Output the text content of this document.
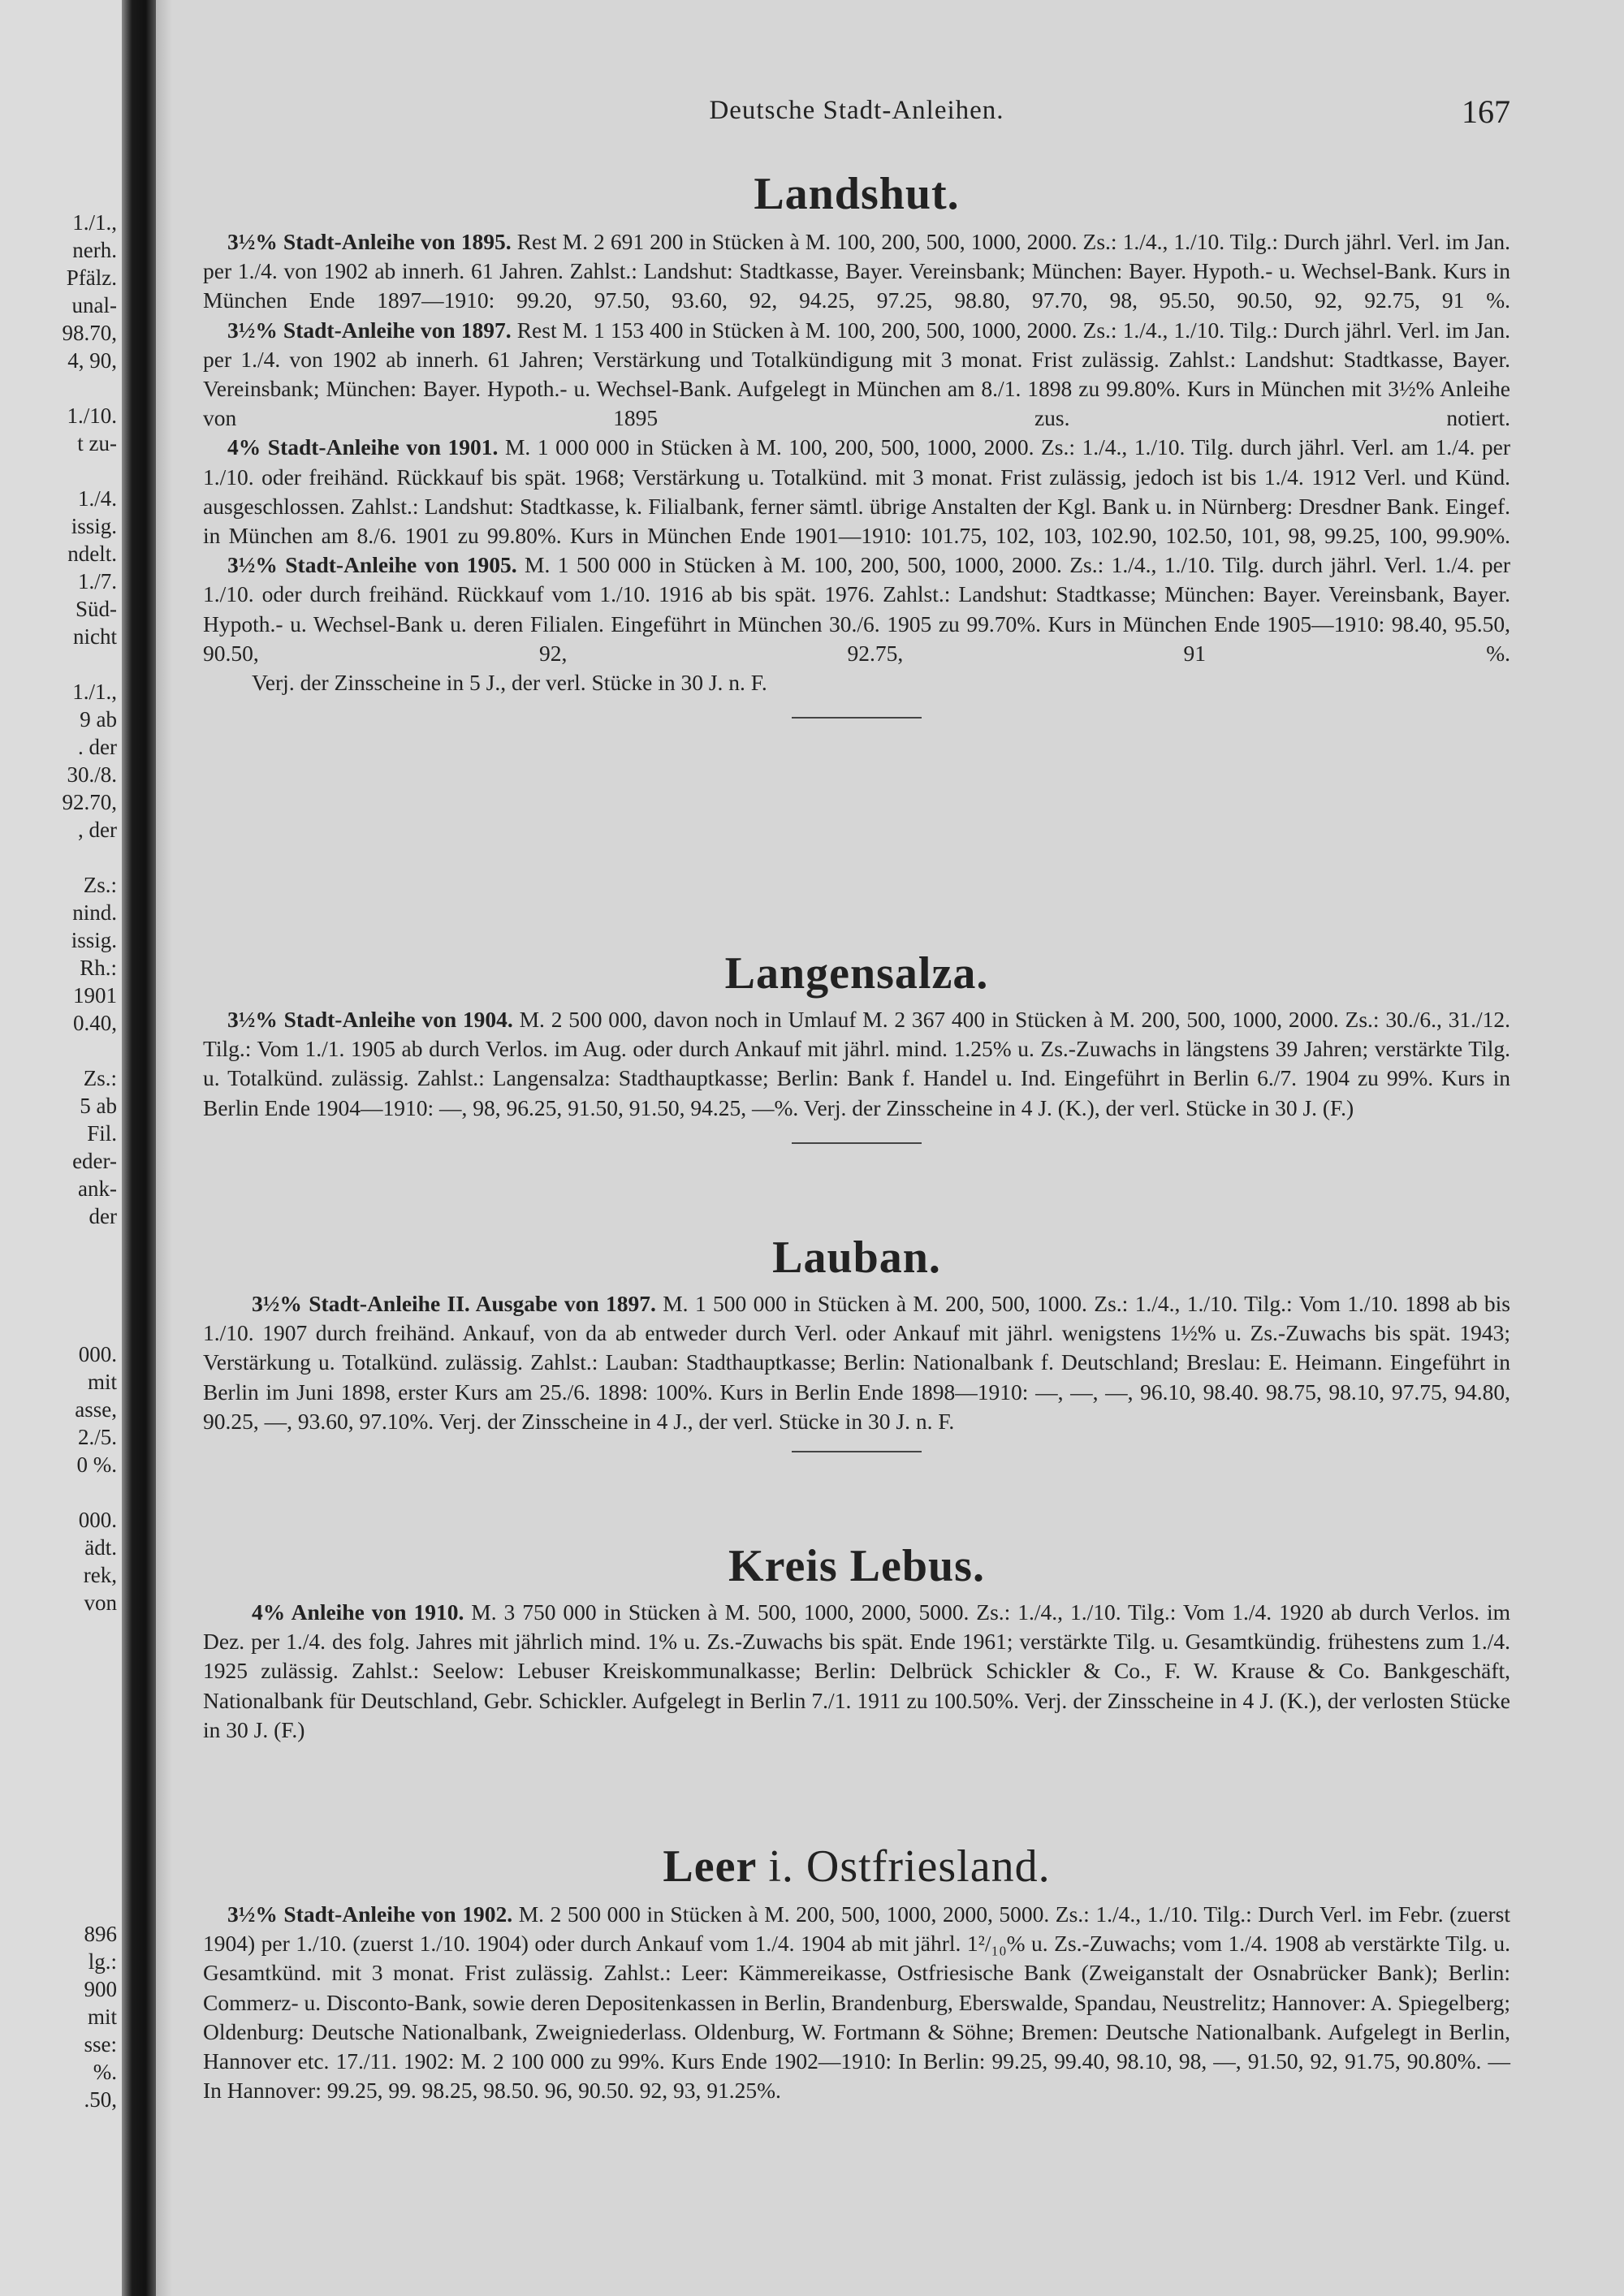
1./1.,

nerh.

Pfälz.

unal-

98.70,

4, 90,

1./10.

t zu-

1./4.

issig.

ndelt.

1./7.

Süd-

nicht

1./1.,

9 ab

. der

30./8.

92.70,

, der

Zs.:

nind.

issig.

Rh.:

1901

0.40,

Zs.:

5 ab

Fil.

eder-

ank-

der

000.

mit

asse,

2./5.

0 %.

000.

ädt.

rek,

von

896

lg.:

900

mit

sse:

%.

.50,

Deutsche Stadt-Anleihen.	167
Landshut.

3½% Stadt-Anleihe von 1895. Rest M. 2 691 200 in Stücken à M. 100, 200, 500, 1000, 2000. Zs.: 1./4., 1./10. Tilg.: Durch jährl. Verl. im Jan. per 1./4. von 1902 ab innerh. 61 Jahren. Zahlst.: Landshut: Stadtkasse, Bayer. Vereinsbank; München: Bayer. Hypoth.- u. Wechsel-Bank. Kurs in München Ende 1897—1910: 99.20, 97.50, 93.60, 92, 94.25, 97.25, 98.80, 97.70, 98, 95.50, 90.50, 92, 92.75, 91 %.

3½% Stadt-Anleihe von 1897. Rest M. 1 153 400 in Stücken à M. 100, 200, 500, 1000, 2000. Zs.: 1./4., 1./10. Tilg.: Durch jährl. Verl. im Jan. per 1./4. von 1902 ab innerh. 61 Jahren; Verstärkung und Totalkündigung mit 3 monat. Frist zulässig. Zahlst.: Landshut: Stadtkasse, Bayer. Vereinsbank; München: Bayer. Hypoth.- u. Wechsel-Bank. Aufgelegt in München am 8./1. 1898 zu 99.80%. Kurs in München mit 3½% Anleihe von 1895 zus. notiert.

4% Stadt-Anleihe von 1901. M. 1 000 000 in Stücken à M. 100, 200, 500, 1000, 2000. Zs.: 1./4., 1./10. Tilg. durch jährl. Verl. am 1./4. per 1./10. oder freihänd. Rückkauf bis spät. 1968; Verstärkung u. Totalkünd. mit 3 monat. Frist zulässig, jedoch ist bis 1./4. 1912 Verl. und Künd. ausgeschlossen. Zahlst.: Landshut: Stadtkasse, k. Filialbank, ferner sämtl. übrige Anstalten der Kgl. Bank u. in Nürnberg: Dresdner Bank. Eingef. in München am 8./6. 1901 zu 99.80%. Kurs in München Ende 1901—1910: 101.75, 102, 103, 102.90, 102.50, 101, 98, 99.25, 100, 99.90%.

3½% Stadt-Anleihe von 1905. M. 1 500 000 in Stücken à M. 100, 200, 500, 1000, 2000. Zs.: 1./4., 1./10. Tilg. durch jährl. Verl. 1./4. per 1./10. oder durch freihänd. Rückkauf vom 1./10. 1916 ab bis spät. 1976. Zahlst.: Landshut: Stadtkasse; München: Bayer. Vereinsbank, Bayer. Hypoth.- u. Wechsel-Bank u. deren Filialen. Eingeführt in München 30./6. 1905 zu 99.70%. Kurs in München Ende 1905—1910: 98.40, 95.50, 90.50, 92, 92.75, 91 %.

Verj. der Zinsscheine in 5 J., der verl. Stücke in 30 J. n. F.

Langensalza.

3½% Stadt-Anleihe von 1904. M. 2 500 000, davon noch in Umlauf M. 2 367 400 in Stücken à M. 200, 500, 1000, 2000. Zs.: 30./6., 31./12. Tilg.: Vom 1./1. 1905 ab durch Verlos. im Aug. oder durch Ankauf mit jährl. mind. 1.25% u. Zs.-Zuwachs in längstens 39 Jahren; verstärkte Tilg. u. Totalkünd. zulässig. Zahlst.: Langensalza: Stadthauptkasse; Berlin: Bank f. Handel u. Ind. Eingeführt in Berlin 6./7. 1904 zu 99%. Kurs in Berlin Ende 1904—1910: —, 98, 96.25, 91.50, 91.50, 94.25, —%. Verj. der Zinsscheine in 4 J. (K.), der verl. Stücke in 30 J. (F.)

Lauban.

3½% Stadt-Anleihe II. Ausgabe von 1897. M. 1 500 000 in Stücken à M. 200, 500, 1000. Zs.: 1./4., 1./10. Tilg.: Vom 1./10. 1898 ab bis 1./10. 1907 durch freihänd. Ankauf, von da ab entweder durch Verl. oder Ankauf mit jährl. wenigstens 1½% u. Zs.-Zuwachs bis spät. 1943; Verstärkung u. Totalkünd. zulässig. Zahlst.: Lauban: Stadthauptkasse; Berlin: Nationalbank f. Deutschland; Breslau: E. Heimann. Eingeführt in Berlin im Juni 1898, erster Kurs am 25./6. 1898: 100%. Kurs in Berlin Ende 1898—1910: —, —, —, 96.10, 98.40. 98.75, 98.10, 97.75, 94.80, 90.25, —, 93.60, 97.10%. Verj. der Zinsscheine in 4 J., der verl. Stücke in 30 J. n. F.

Kreis Lebus.

4% Anleihe von 1910. M. 3 750 000 in Stücken à M. 500, 1000, 2000, 5000. Zs.: 1./4., 1./10. Tilg.: Vom 1./4. 1920 ab durch Verlos. im Dez. per 1./4. des folg. Jahres mit jährlich mind. 1% u. Zs.-Zuwachs bis spät. Ende 1961; verstärkte Tilg. u. Gesamtkündig. frühestens zum 1./4. 1925 zulässig. Zahlst.: Seelow: Lebuser Kreiskommunalkasse; Berlin: Delbrück Schickler & Co., F. W. Krause & Co. Bankgeschäft, Nationalbank für Deutschland, Gebr. Schickler. Aufgelegt in Berlin 7./1. 1911 zu 100.50%. Verj. der Zinsscheine in 4 J. (K.), der verlosten Stücke in 30 J. (F.)

Leer i. Ostfriesland.

3½% Stadt-Anleihe von 1902. M. 2 500 000 in Stücken à M. 200, 500, 1000, 2000, 5000. Zs.: 1./4., 1./10. Tilg.: Durch Verl. im Febr. (zuerst 1904) per 1./10. (zuerst 1./10. 1904) oder durch Ankauf vom 1./4. 1904 ab mit jährl. 1²/₁₀% u. Zs.-Zuwachs; vom 1./4. 1908 ab verstärkte Tilg. u. Gesamtkünd. mit 3 monat. Frist zulässig. Zahlst.: Leer: Kämmereikasse, Ostfriesische Bank (Zweiganstalt der Osnabrücker Bank); Berlin: Commerz- u. Disconto-Bank, sowie deren Depositenkassen in Berlin, Brandenburg, Eberswalde, Spandau, Neustrelitz; Hannover: A. Spiegelberg; Oldenburg: Deutsche Nationalbank, Zweigniederlass. Oldenburg, W. Fortmann & Söhne; Bremen: Deutsche Nationalbank. Aufgelegt in Berlin, Hannover etc. 17./11. 1902: M. 2 100 000 zu 99%. Kurs Ende 1902—1910: In Berlin: 99.25, 99.40, 98.10, 98, —, 91.50, 92, 91.75, 90.80%. — In Hannover: 99.25, 99. 98.25, 98.50. 96, 90.50. 92, 93, 91.25%.
